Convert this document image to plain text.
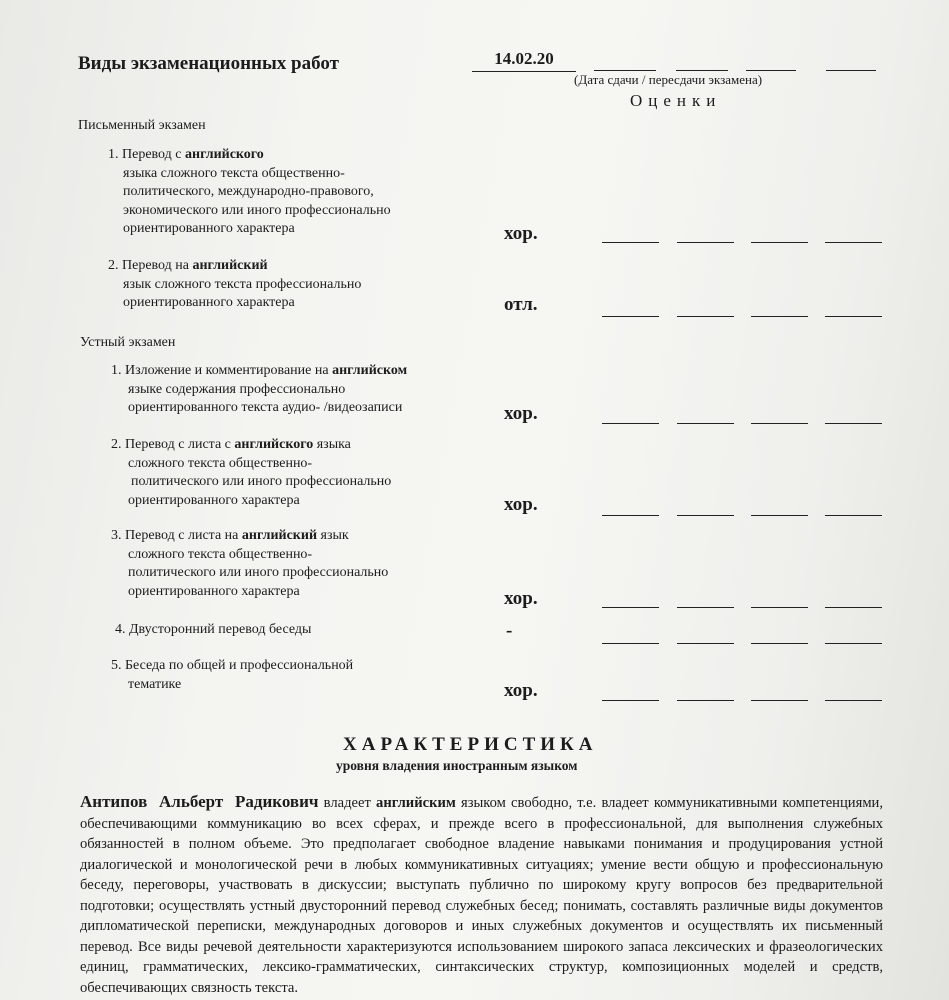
Виды экзаменационных работ	14.02.20
(Дата сдачи / пересдачи экзамена)
Оценки
Письменный экзамен
1. Перевод с английского
языка сложного текста общественно-
политического, международно-правового,
экономического или иного профессионально
ориентированного характера	хор.
2. Перевод на английский
язык сложного текста профессионально
ориентированного характера	отл.
Устный экзамен
1. Изложение и комментирование на английском
языке содержания профессионально
ориентированного текста аудио- /видеозаписи	хор.
2. Перевод с листа с английского языка
сложного текста общественно-
политического или иного профессионально
ориентированного характера	хор.
3. Перевод с листа на английский язык
сложного текста общественно-
политического или иного профессионально
ориентированного характера	хор.
4. Двусторонний перевод беседы	-
5. Беседа по общей и профессиональной
тематике	хор.
ХАРАКТЕРИСТИКА
уровня владения иностранным языком
Антипов Альберт Радикович владеет английским языком свободно, т.е. владеет коммуникативными компетенциями, обеспечивающими коммуникацию во всех сферах, и прежде всего в профессиональной, для выполнения служебных обязанностей в полном объеме. Это предполагает свободное владение навыками понимания и продуцирования устной диалогической и монологической речи в любых коммуникативных ситуациях; умение вести общую и профессиональную беседу, переговоры, участвовать в дискуссии; выступать публично по широкому кругу вопросов без предварительной подготовки; осуществлять устный двусторонний перевод служебных бесед; понимать, составлять различные виды документов дипломатической переписки, международных договоров и иных служебных документов и осуществлять их письменный перевод. Все виды речевой деятельности характеризуются использованием широкого запаса лексических и фразеологических единиц, грамматических, лексико-грамматических, синтаксических структур, композиционных моделей и средств, обеспечивающих связность текста.
